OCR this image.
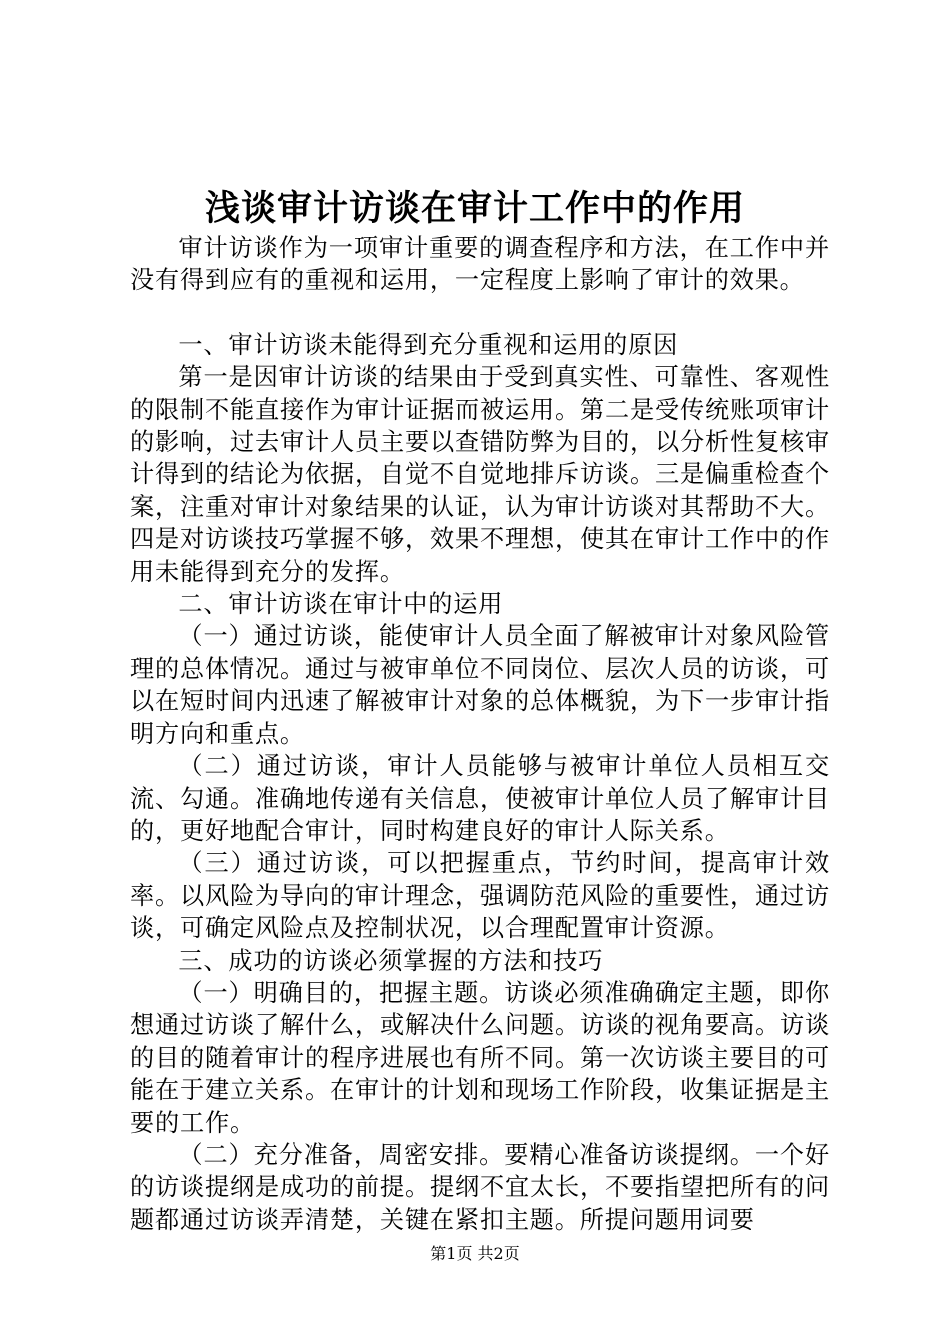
浅谈审计访谈在审计工作中的作用

审计访谈作为一项审计重要的调查程序和方法，在工作中并没有得到应有的重视和运用，一定程度上影响了审计的效果。

一、审计访谈未能得到充分重视和运用的原因

第一是因审计访谈的结果由于受到真实性、可靠性、客观性的限制不能直接作为审计证据而被运用。第二是受传统账项审计的影响，过去审计人员主要以查错防弊为目的，以分析性复核审计得到的结论为依据，自觉不自觉地排斥访谈。三是偏重检查个案，注重对审计对象结果的认证，认为审计访谈对其帮助不大。四是对访谈技巧掌握不够，效果不理想，使其在审计工作中的作用未能得到充分的发挥。

二、审计访谈在审计中的运用

（一）通过访谈，能使审计人员全面了解被审计对象风险管理的总体情况。通过与被审单位不同岗位、层次人员的访谈，可以在短时间内迅速了解被审计对象的总体概貌，为下一步审计指明方向和重点。

（二）通过访谈，审计人员能够与被审计单位人员相互交流、勾通。准确地传递有关信息，使被审计单位人员了解审计目的，更好地配合审计，同时构建良好的审计人际关系。

（三）通过访谈，可以把握重点，节约时间，提高审计效率。以风险为导向的审计理念，强调防范风险的重要性，通过访谈，可确定风险点及控制状况，以合理配置审计资源。

三、成功的访谈必须掌握的方法和技巧

（一）明确目的，把握主题。访谈必须准确确定主题，即你想通过访谈了解什么，或解决什么问题。访谈的视角要高。访谈的目的随着审计的程序进展也有所不同。第一次访谈主要目的可能在于建立关系。在审计的计划和现场工作阶段，收集证据是主要的工作。

（二）充分准备，周密安排。要精心准备访谈提纲。一个好的访谈提纲是成功的前提。提纲不宜太长，不要指望把所有的问题都通过访谈弄清楚，关键在紧扣主题。所提问题用词要

第1页 共2页
